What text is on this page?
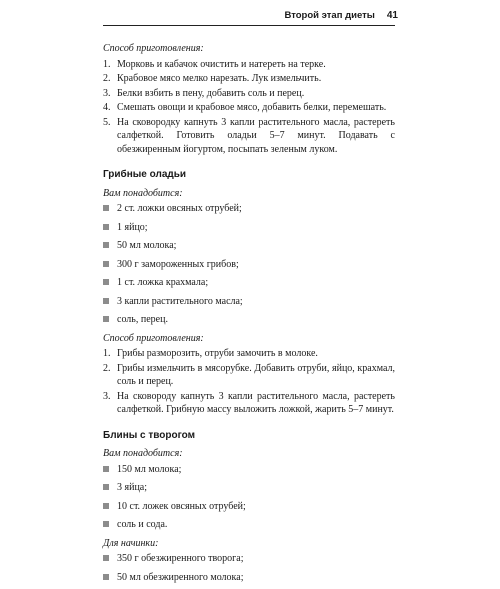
Второй этап диеты 41

Способ приготовления:

1. Морковь и кабачок очистить и натереть на терке.
2. Крабовое мясо мелко нарезать. Лук измельчить.
3. Белки взбить в пену, добавить соль и перец.
4. Смешать овощи и крабовое мясо, добавить белки, перемешать.
5. На сковородку капнуть 3 капли растительного масла, растереть салфеткой. Готовить оладьи 5–7 минут. Подавать с обезжиренным йогуртом, посыпать зеленым луком.
Грибные оладьи

Вам понадобится:

2 ст. ложки овсяных отрубей;
1 яйцо;
50 мл молока;
300 г замороженных грибов;
1 ст. ложка крахмала;
3 капли растительного масла;
соль, перец.

Способ приготовления:

1. Грибы разморозить, отруби замочить в молоке.
2. Грибы измельчить в мясорубке. Добавить отруби, яйцо, крахмал, соль и перец.
3. На сковороду капнуть 3 капли растительного масла, растереть салфеткой. Грибную массу выложить ложкой, жарить 5–7 минут.
Блины с творогом

Вам понадобится:

150 мл молока;
3 яйца;
10 ст. ложек овсяных отрубей;
соль и сода.

Для начинки:

350 г обезжиренного творога;
50 мл обезжиренного молока;
